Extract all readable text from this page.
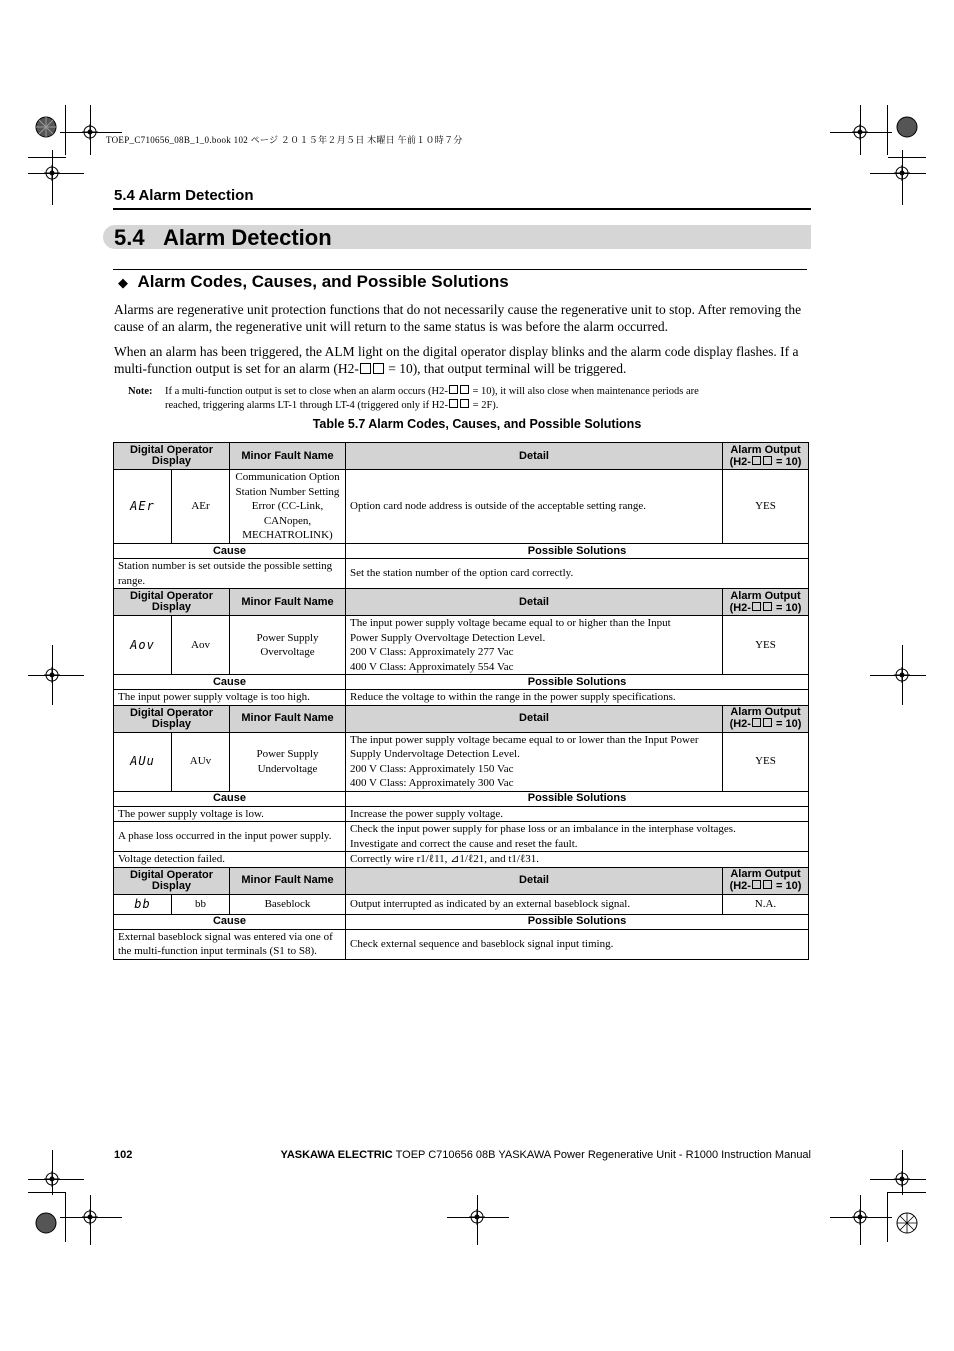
TOEP_C710656_08B_1_0.book 102 ページ ２０１５年２月５日 木曜日 午前１０時７分
5.4 Alarm Detection
5.4 Alarm Detection
◆ Alarm Codes, Causes, and Possible Solutions
Alarms are regenerative unit protection functions that do not necessarily cause the regenerative unit to stop. After removing the cause of an alarm, the regenerative unit will return to the same status is was before the alarm occurred.
When an alarm has been triggered, the ALM light on the digital operator display blinks and the alarm code display flashes. If a multi-function output is set for an alarm (H2- = 10), that output terminal will be triggered.
Note: If a multi-function output is set to close when an alarm occurs (H2- = 10), it will also close when maintenance periods are
reached, triggering alarms LT-1 through LT-4 (triggered only if H2- = 2F).
Table 5.7 Alarm Codes, Causes, and Possible Solutions
Digital Operator
Display		Minor Fault Name	Detail	Alarm Output
(H2- = 10)
AEr	AEr	Communication Option Station Number Setting Error (CC-Link, CANopen, MECHATROLINK)	Option card node address is outside of the acceptable setting range.	YES
Cause			Possible Solutions	
Station number is set outside the possible setting range.			Set the station number of the option card correctly.	
Digital Operator
Display		Minor Fault Name	Detail	Alarm Output
(H2- = 10)
Aov	Aov	Power Supply Overvoltage	The input power supply voltage became equal to or higher than the Input
Power Supply Overvoltage Detection Level.
200 V Class: Approximately 277 Vac
400 V Class: Approximately 554 Vac	YES
Cause			Possible Solutions	
The input power supply voltage is too high.			Reduce the voltage to within the range in the power supply specifications.	
Digital Operator
Display		Minor Fault Name	Detail	Alarm Output
(H2- = 10)
AUu	AUv	Power Supply Undervoltage	The input power supply voltage became equal to or lower than the Input Power
Supply Undervoltage Detection Level.
200 V Class: Approximately 150 Vac
400 V Class: Approximately 300 Vac	YES
Cause			Possible Solutions	
The power supply voltage is low.			Increase the power supply voltage.	
A phase loss occurred in the input power supply.			Check the input power supply for phase loss or an imbalance in the interphase voltages.
Investigate and correct the cause and reset the fault.	
Voltage detection failed.			Correctly wire r1/ℓ11, ⊿1/ℓ21, and t1/ℓ31.	
Digital Operator
Display		Minor Fault Name	Detail	Alarm Output
(H2- = 10)
bb	bb	Baseblock	Output interrupted as indicated by an external baseblock signal.	N.A.
Cause			Possible Solutions	
External baseblock signal was entered via one of the multi-function input terminals (S1 to S8).			Check external sequence and baseblock signal input timing.	
102	YASKAWA ELECTRIC TOEP C710656 08B YASKAWA Power Regenerative Unit - R1000 Instruction Manual
